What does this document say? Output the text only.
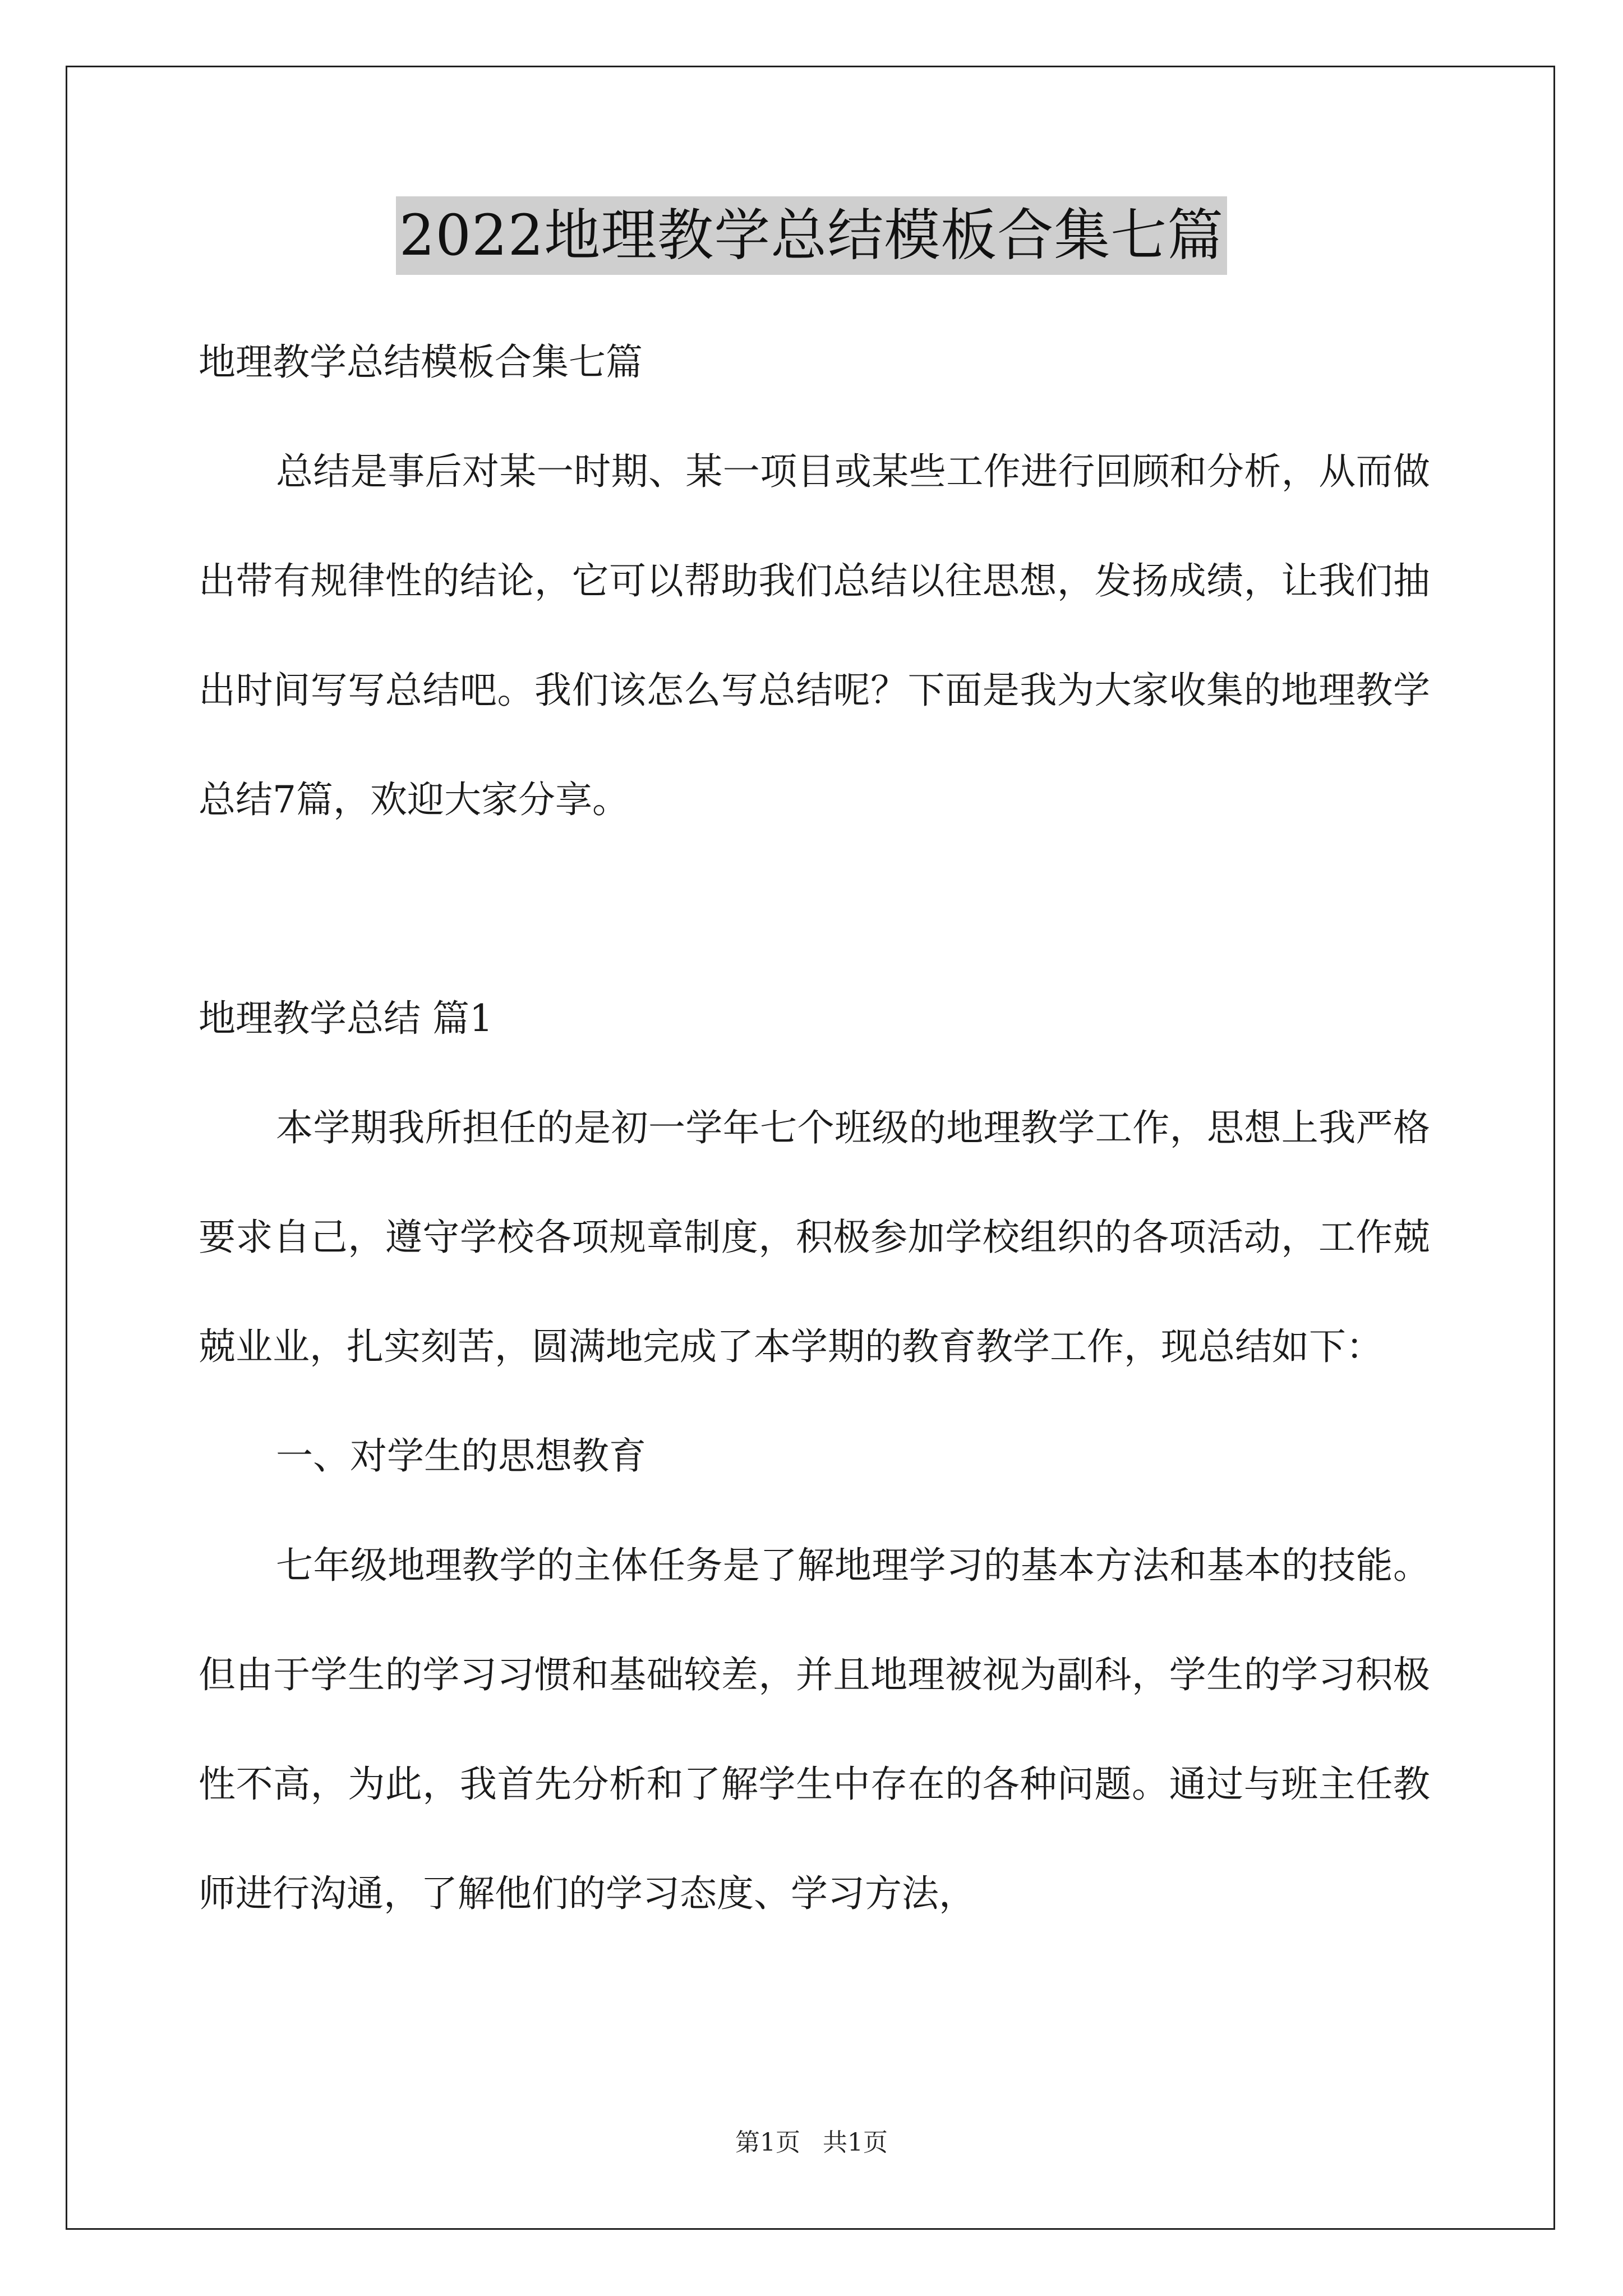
2022地理教学总结模板合集七篇

地理教学总结模板合集七篇

总结是事后对某一时期、某一项目或某些工作进行回顾和分析，从而做出带有规律性的结论，它可以帮助我们总结以往思想，发扬成绩，让我们抽出时间写写总结吧。我们该怎么写总结呢？下面是我为大家收集的地理教学总结7篇，欢迎大家分享。

地理教学总结 篇1

本学期我所担任的是初一学年七个班级的地理教学工作，思想上我严格要求自己，遵守学校各项规章制度，积极参加学校组织的各项活动，工作兢兢业业，扎实刻苦，圆满地完成了本学期的教育教学工作，现总结如下：

一、对学生的思想教育

七年级地理教学的主体任务是了解地理学习的基本方法和基本的技能。但由于学生的学习习惯和基础较差，并且地理被视为副科，学生的学习积极性不高，为此，我首先分析和了解学生中存在的各种问题。通过与班主任教师进行沟通，了解他们的学习态度、学习方法，

第1页 共1页
